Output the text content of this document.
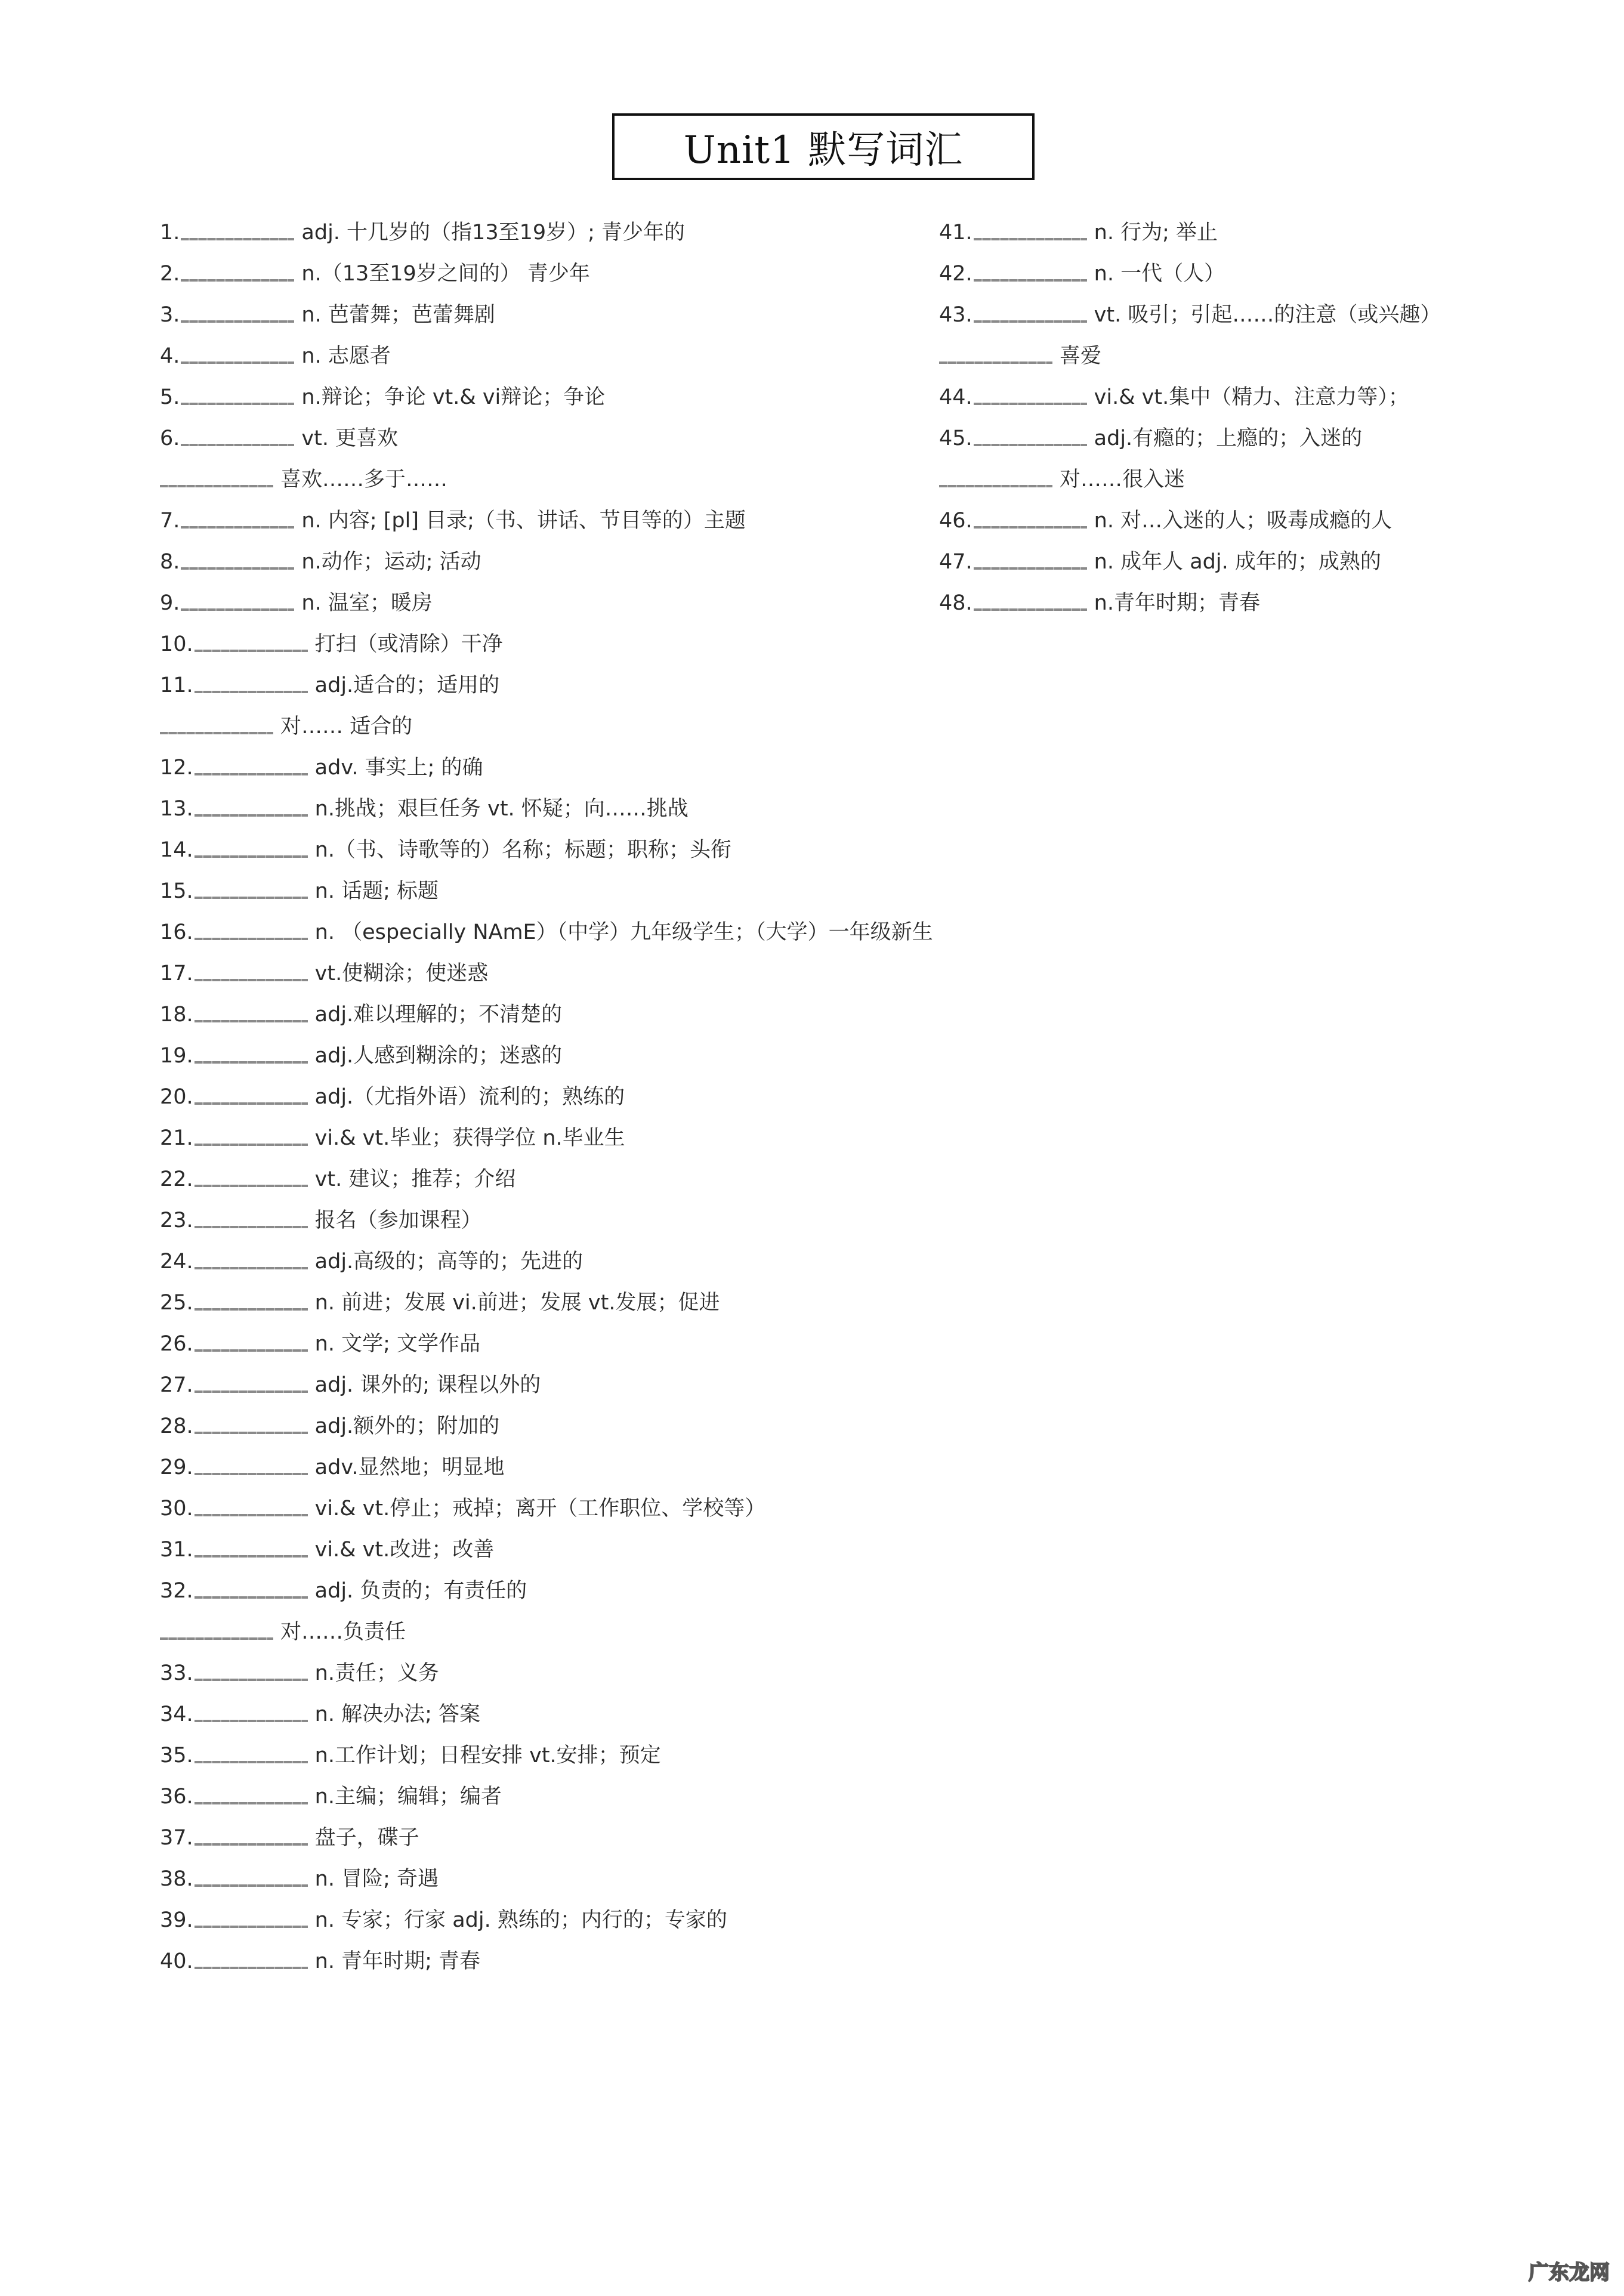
Unit1 默写词汇
1.	adj. 十几岁的（指13至19岁）; 青少年的
2.	n.（13至19岁之间的） 青少年
3.	n. 芭蕾舞；芭蕾舞剧
4.	n. 志愿者
5.	n.辩论；争论 vt.& vi辩论；争论
6.	vt. 更喜欢
喜欢……多于……
7.	n. 内容; [pl] 目录;（书、讲话、节目等的）主题
8.	n.动作；运动; 活动
9.	n. 温室；暖房
10.	打扫（或清除）干净
11.	adj.适合的；适用的
对…… 适合的
12.	adv. 事实上; 的确
13.	n.挑战；艰巨任务 vt. 怀疑；向……挑战
14.	n.（书、诗歌等的）名称；标题；职称；头衔
15.	n. 话题; 标题
16.	n. （especially NAmE）（中学）九年级学生；（大学）一年级新生
17.	vt.使糊涂；使迷惑
18.	adj.难以理解的；不清楚的
19.	adj.人感到糊涂的；迷惑的
20.	adj.（尤指外语）流利的；熟练的
21.	vi.& vt.毕业；获得学位 n.毕业生
22.	vt. 建议；推荐；介绍
23.	报名（参加课程）
24.	adj.高级的；高等的；先进的
25.	n. 前进；发展 vi.前进；发展 vt.发展；促进
26.	n. 文学; 文学作品
27.	adj. 课外的; 课程以外的
28.	adj.额外的；附加的
29.	adv.显然地；明显地
30.	vi.& vt.停止；戒掉；离开（工作职位、学校等）
31.	vi.& vt.改进；改善
32.	adj. 负责的；有责任的
对……负责任
33.	n.责任；义务
34.	n. 解决办法; 答案
35.	n.工作计划；日程安排 vt.安排；预定
36.	n.主编；编辑；编者
37.	盘子，碟子
38.	n. 冒险; 奇遇
39.	n. 专家；行家 adj. 熟练的；内行的；专家的
40.	n. 青年时期; 青春
41.	n. 行为; 举止
42.	n. 一代（人）
43.	vt. 吸引；引起……的注意（或兴趣）
喜爱
44.	vi.& vt.集中（精力、注意力等）；
45.	adj.有瘾的；上瘾的；入迷的
对……很入迷
46.	n. 对…入迷的人；吸毒成瘾的人
47.	n. 成年人 adj. 成年的；成熟的
48.	n.青年时期；青春
广东龙网
